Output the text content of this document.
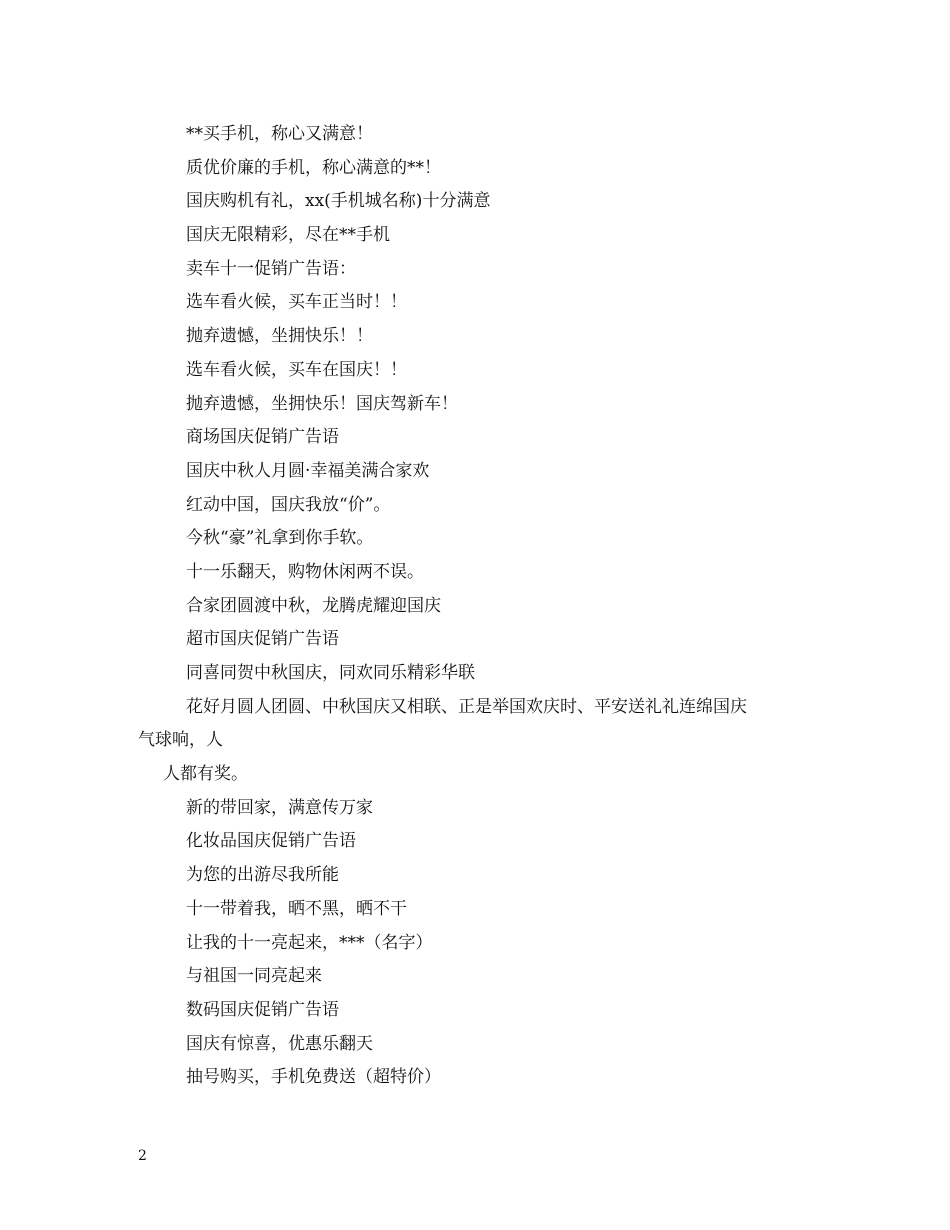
**买手机，称心又满意！
质优价廉的手机，称心满意的**！
国庆购机有礼，xx(手机城名称)十分满意
国庆无限精彩，尽在**手机
卖车十一促销广告语：
选车看火候，买车正当时！！
抛弃遗憾，坐拥快乐！！
选车看火候，买车在国庆！！
抛弃遗憾，坐拥快乐！国庆驾新车！
商场国庆促销广告语
国庆中秋人月圆·幸福美满合家欢
红动中国，国庆我放“价”。
今秋“豪”礼拿到你手软。
十一乐翻天，购物休闲两不误。
合家团圆渡中秋，龙腾虎耀迎国庆
超市国庆促销广告语
同喜同贺中秋国庆，同欢同乐精彩华联
花好月圆人团圆、中秋国庆又相联、正是举国欢庆时、平安送礼礼连绵国庆
气球响，人
人都有奖。
新的带回家，满意传万家
化妆品国庆促销广告语
为您的出游尽我所能
十一带着我，晒不黑，晒不干
让我的十一亮起来，***（名字）
与祖国一同亮起来
数码国庆促销广告语
国庆有惊喜，优惠乐翻天
抽号购买，手机免费送（超特价）
2
